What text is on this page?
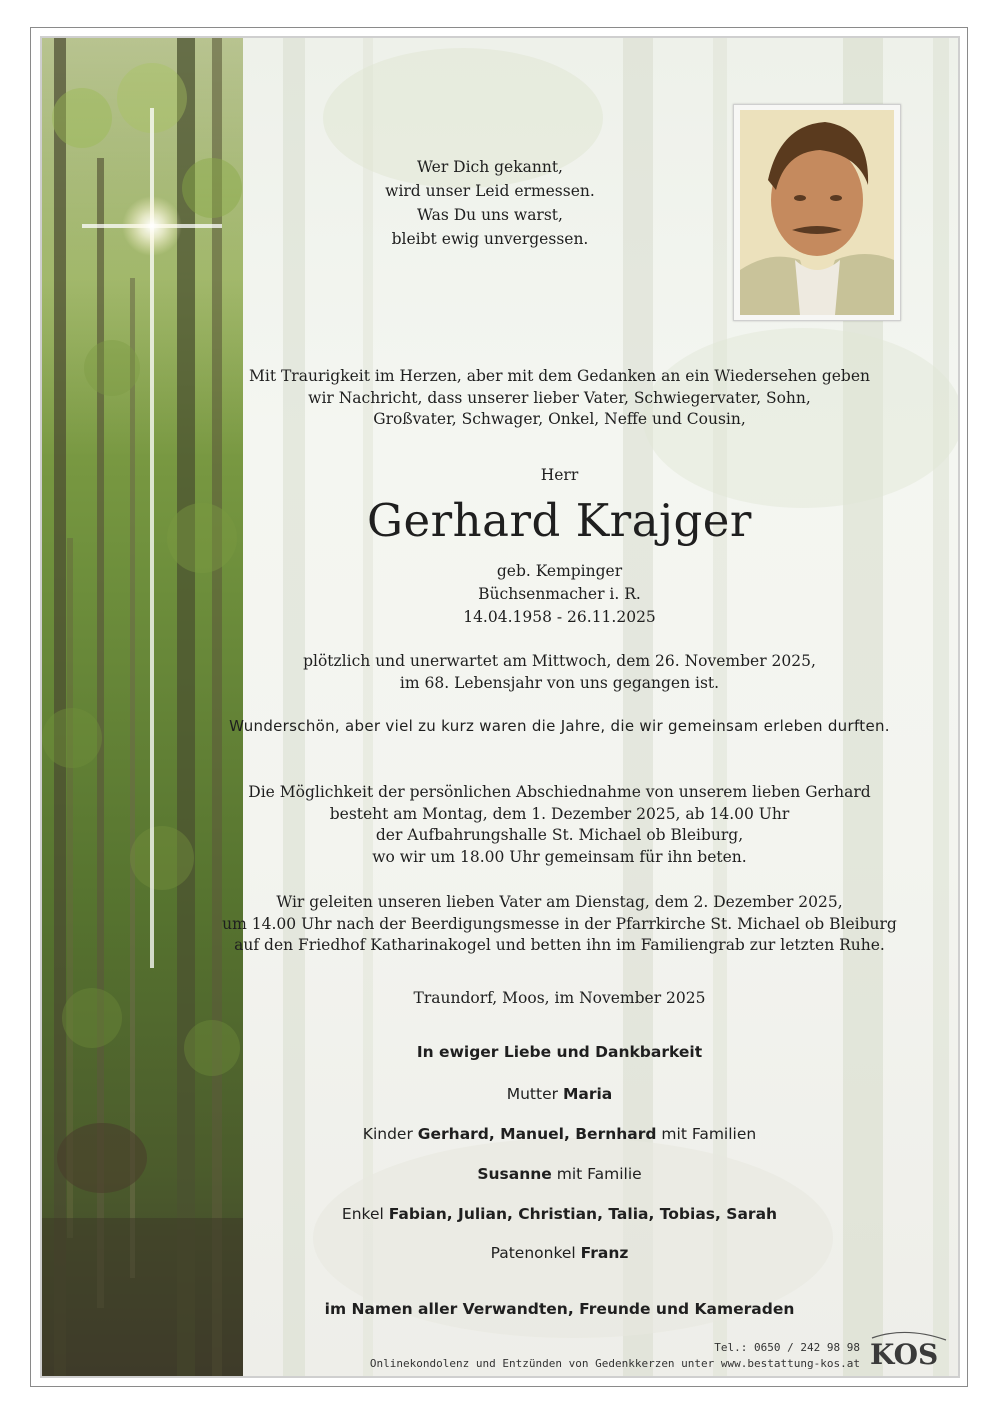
Wer Dich gekannt,
wird unser Leid ermessen.
Was Du uns warst,
bleibt ewig unvergessen.
Mit Traurigkeit im Herzen, aber mit dem Gedanken an ein Wiedersehen geben
wir Nachricht, dass unserer lieber Vater, Schwiegervater, Sohn,
Großvater, Schwager, Onkel, Neffe und Cousin,
Herr
Gerhard Krajger
geb. Kempinger
Büchsenmacher i. R.
14.04.1958 - 26.11.2025
plötzlich und unerwartet am Mittwoch, dem 26. November 2025,
im 68. Lebensjahr von uns gegangen ist.
Wunderschön, aber viel zu kurz waren die Jahre, die wir gemeinsam erleben durften.
Die Möglichkeit der persönlichen Abschiednahme von unserem lieben Gerhard
besteht am Montag, dem 1. Dezember 2025, ab 14.00 Uhr
der Aufbahrungshalle St. Michael ob Bleiburg,
wo wir um 18.00 Uhr gemeinsam für ihn beten.
Wir geleiten unseren lieben Vater am Dienstag, dem 2. Dezember 2025,
um 14.00 Uhr nach der Beerdigungsmesse in der Pfarrkirche St. Michael ob Bleiburg
auf den Friedhof Katharinakogel und betten ihn im Familiengrab zur letzten Ruhe.
Traundorf, Moos, im November 2025
In ewiger Liebe und Dankbarkeit
Mutter Maria
Kinder Gerhard, Manuel, Bernhard mit Familien
Susanne mit Familie
Enkel Fabian, Julian, Christian, Talia, Tobias, Sarah
Patenonkel Franz
im Namen aller Verwandten, Freunde und Kameraden
Tel.: 0650 / 242 98 98
Onlinekondolenz und Entzünden von Gedenkkerzen unter www.bestattung-kos.at KOS
